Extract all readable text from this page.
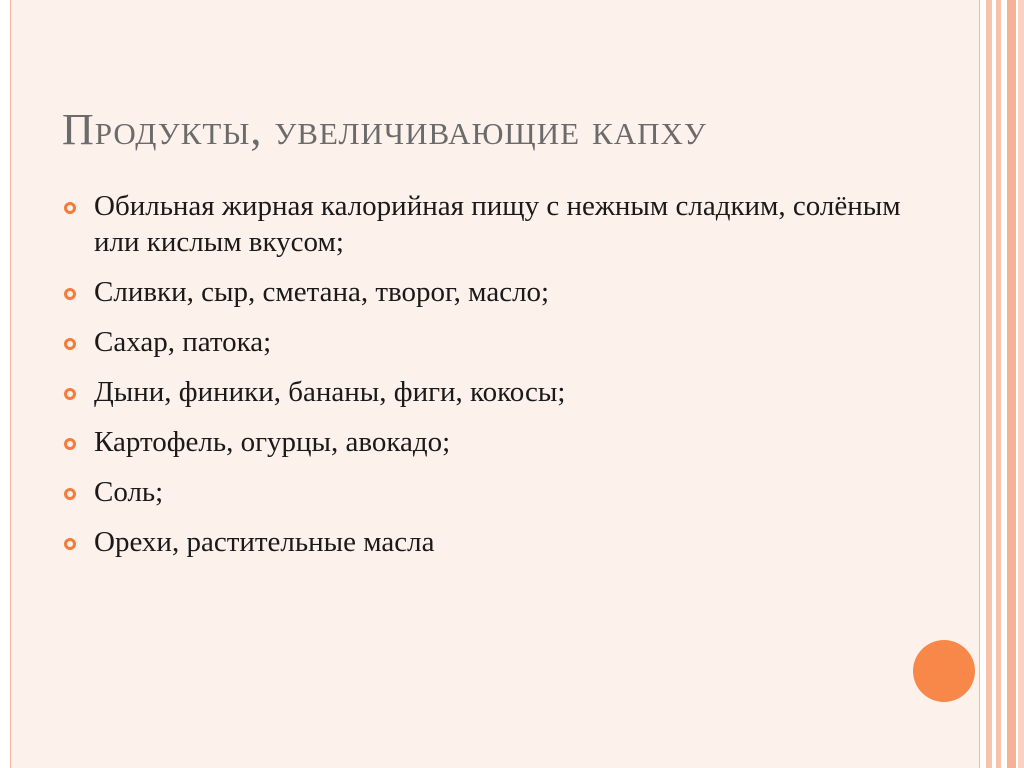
Продукты, увеличивающие капху
Обильная жирная калорийная пищу с нежным сладким, солёным или кислым вкусом;
Сливки, сыр, сметана, творог, масло;
Сахар, патока;
Дыни, финики, бананы, фиги, кокосы;
Картофель, огурцы, авокадо;
Соль;
Орехи, растительные масла
